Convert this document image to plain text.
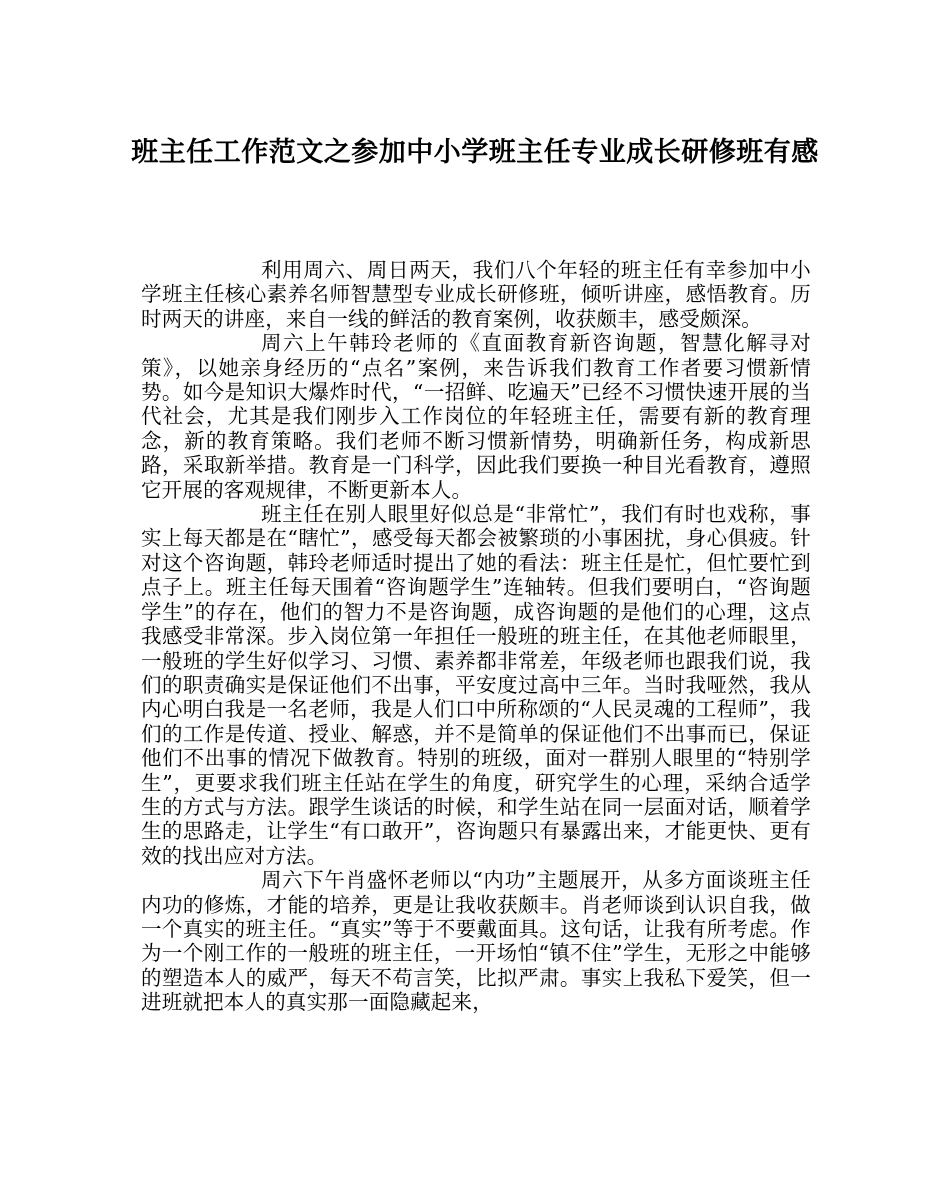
班主任工作范文之参加中小学班主任专业成长研修班有感

利用周六、周日两天，我们八个年轻的班主任有幸参加中小学班主任核心素养名师智慧型专业成长研修班，倾听讲座，感悟教育。历时两天的讲座，来自一线的鲜活的教育案例，收获颇丰，感受颇深。

周六上午韩玲老师的《直面教育新咨询题，智慧化解寻对策》，以她亲身经历的“点名”案例，来告诉我们教育工作者要习惯新情势。如今是知识大爆炸时代，“一招鲜、吃遍天”已经不习惯快速开展的当代社会，尤其是我们刚步入工作岗位的年轻班主任，需要有新的教育理念，新的教育策略。我们老师不断习惯新情势，明确新任务，构成新思路，采取新举措。教育是一门科学，因此我们要换一种目光看教育，遵照它开展的客观规律，不断更新本人。

班主任在别人眼里好似总是“非常忙”，我们有时也戏称，事实上每天都是在“瞎忙”，感受每天都会被繁琐的小事困扰，身心俱疲。针对这个咨询题，韩玲老师适时提出了她的看法：班主任是忙，但忙要忙到点子上。班主任每天围着“咨询题学生”连轴转。但我们要明白，“咨询题学生”的存在，他们的智力不是咨询题，成咨询题的是他们的心理，这点我感受非常深。步入岗位第一年担任一般班的班主任，在其他老师眼里，一般班的学生好似学习、习惯、素养都非常差，年级老师也跟我们说，我们的职责确实是保证他们不出事，平安度过高中三年。当时我哑然，我从内心明白我是一名老师，我是人们口中所称颂的“人民灵魂的工程师”，我们的工作是传道、授业、解惑，并不是简单的保证他们不出事而已，保证他们不出事的情况下做教育。特别的班级，面对一群别人眼里的“特别学生”，更要求我们班主任站在学生的角度，研究学生的心理，采纳合适学生的方式与方法。跟学生谈话的时候，和学生站在同一层面对话，顺着学生的思路走，让学生“有口敢开”，咨询题只有暴露出来，才能更快、更有效的找出应对方法。

周六下午肖盛怀老师以“内功”主题展开，从多方面谈班主任内功的修炼，才能的培养，更是让我收获颇丰。肖老师谈到认识自我，做一个真实的班主任。“真实”等于不要戴面具。这句话，让我有所考虑。作为一个刚工作的一般班的班主任，一开场怕“镇不住”学生，无形之中能够的塑造本人的威严，每天不苟言笑，比拟严肃。事实上我私下爱笑，但一进班就把本人的真实那一面隐藏起来，
